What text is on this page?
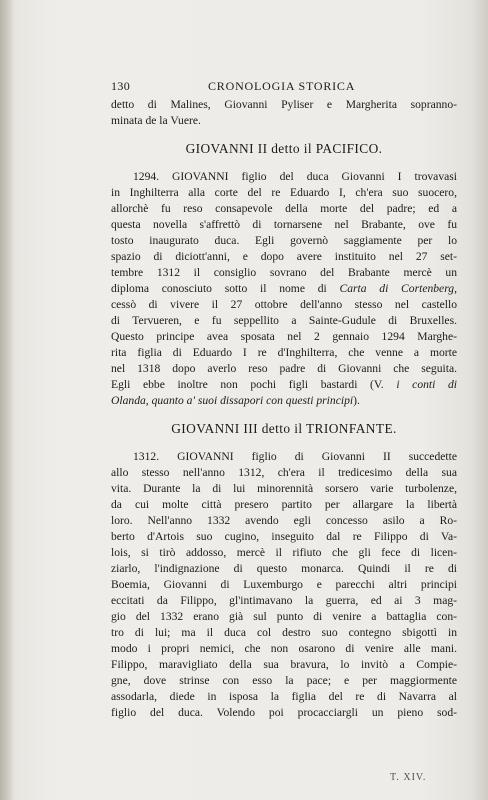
130	CRONOLOGIA STORICA
detto di Malines, Giovanni Pyliser e Margherita sopranno-
minata de la Vuere.
GIOVANNI II detto il PACIFICO.
1294. GIOVANNI figlio del duca Giovanni I trovavasi
in Inghilterra alla corte del re Eduardo I, ch'era suo suocero,
allorchè fu reso consapevole della morte del padre; ed a
questa novella s'affrettò di tornarsene nel Brabante, ove fu
tosto inaugurato duca. Egli governò saggiamente per lo
spazio di diciott'anni, e dopo avere instituito nel 27 set-
tembre 1312 il consiglio sovrano del Brabante mercè un
diploma conosciuto sotto il nome di Carta di Cortenberg,
cessò di vivere il 27 ottobre dell'anno stesso nel castello
di Tervueren, e fu seppellito a Sainte-Gudule di Bruxelles.
Questo principe avea sposata nel 2 gennaio 1294 Marghe-
rita figlia di Eduardo I re d'Inghilterra, che venne a morte
nel 1318 dopo averlo reso padre di Giovanni che seguita.
Egli ebbe inoltre non pochi figli bastardi (V. i conti di
Olanda, quanto a' suoi dissapori con questi principi).
GIOVANNI III detto il TRIONFANTE.
1312. GIOVANNI figlio di Giovanni II succedette
allo stesso nell'anno 1312, ch'era il tredicesimo della sua
vita. Durante la di lui minorennità sorsero varie turbolenze,
da cui molte città presero partito per allargare la libertà
loro. Nell'anno 1332 avendo egli concesso asilo a Ro-
berto d'Artois suo cugino, inseguito dal re Filippo di Va-
lois, si tirò addosso, mercè il rifiuto che gli fece di licen-
ziarlo, l'indignazione di questo monarca. Quindi il re di
Boemia, Giovanni di Luxemburgo e parecchi altri principi
eccitati da Filippo, gl'intimavano la guerra, ed ai 3 mag-
gio del 1332 erano già sul punto di venire a battaglia con-
tro di lui; ma il duca col destro suo contegno sbigottì in
modo i propri nemici, che non osarono di venire alle mani.
Filippo, maravigliato della sua bravura, lo invitò a Compie-
gne, dove strinse con esso la pace; e per maggiormente
assodarla, diede in isposa la figlia del re di Navarra al
figlio del duca. Volendo poi procacciargli un pieno sod-
T. XIV.
